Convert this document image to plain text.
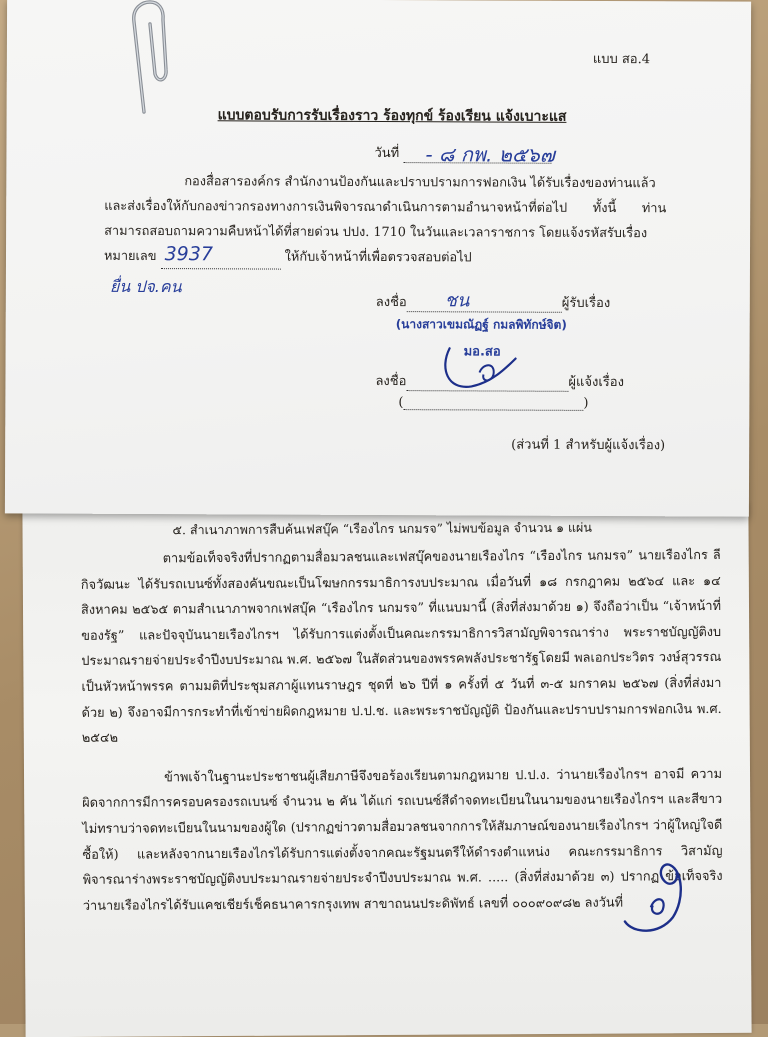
๕. สำเนาภาพการสืบค้นเฟสบุ๊ค “เรืองไกร นกมรจ” ไม่พบข้อมูล จำนวน ๑ แผ่น

ตามข้อเท็จจริงที่ปรากฏตามสื่อมวลชนและเฟสบุ๊คของนายเรืองไกร “เรืองไกร นกมรจ” นายเรืองไกร ลีกิจวัฒนะ ได้รับรถเบนซ์ทั้งสองคันขณะเป็นโฆษกกรรมาธิการงบประมาณ เมื่อวันที่ ๑๘ กรกฎาคม ๒๕๖๔ และ ๑๔ สิงหาคม ๒๕๖๕ ตามสำเนาภาพจากเฟสบุ๊ค “เรืองไกร นกมรจ” ที่แนบมานี้ (สิ่งที่ส่งมาด้วย ๑) จึงถือว่าเป็น “เจ้าหน้าที่ของรัฐ” และปัจจุบันนายเรืองไกรฯ ได้รับการแต่งตั้งเป็นคณะกรรมาธิการวิสามัญพิจารณาร่าง พระราชบัญญัติงบประมาณรายจ่ายประจำปีงบประมาณ พ.ศ. ๒๕๖๗ ในสัดส่วนของพรรคพลังประชารัฐโดยมี พลเอกประวิตร วงษ์สุวรรณ เป็นหัวหน้าพรรค ตามมติที่ประชุมสภาผู้แทนราษฎร ชุดที่ ๒๖ ปีที่ ๑ ครั้งที่ ๕ วันที่ ๓-๕ มกราคม ๒๕๖๗ (สิ่งที่ส่งมาด้วย ๒) จึงอาจมีการกระทำที่เข้าข่ายผิดกฎหมาย ป.ป.ช. และพระราชบัญญัติ ป้องกันและปราบปรามการฟอกเงิน พ.ศ. ๒๕๔๒

ข้าพเจ้าในฐานะประชาชนผู้เสียภาษีจึงขอร้องเรียนตามกฎหมาย ป.ป.ง. ว่านายเรืองไกรฯ อาจมี ความผิดจากการมีการครอบครองรถเบนซ์ จำนวน ๒ คัน ได้แก่ รถเบนซ์สีดำจดทะเบียนในนามของนายเรืองไกรฯ และสีขาวไม่ทราบว่าจดทะเบียนในนามของผู้ใด (ปรากฏข่าวตามสื่อมวลชนจากการให้สัมภาษณ์ของนายเรืองไกรฯ ว่าผู้ใหญ่ใจดีซื้อให้) และหลังจากนายเรืองไกรได้รับการแต่งตั้งจากคณะรัฐมนตรีให้ดำรงตำแหน่ง คณะกรรมาธิการ วิสามัญพิจารณาร่างพระราชบัญญัติงบประมาณรายจ่ายประจำปีงบประมาณ พ.ศ. ..... (สิ่งที่ส่งมาด้วย ๓) ปรากฏ ข้อเท็จจริงว่านายเรืองไกรได้รับแคชเชียร์เช็คธนาคารกรุงเทพ สาขาถนนประดิพัทธ์ เลขที่ ๐๐๐๙๐๙๘๒ ลงวันที่

แบบ สอ.4
แบบตอบรับการรับเรื่องราว ร้องทุกข์ ร้องเรียน แจ้งเบาะแส
วันที่ - ๘ กพ. ๒๕๖๗

กองสื่อสารองค์กร สำนักงานป้องกันและปราบปรามการฟอกเงิน ได้รับเรื่องของท่านแล้ว

และส่งเรื่องให้กับกองข่าวกรองทางการเงินพิจารณาดำเนินการตามอำนาจหน้าที่ต่อไป ทั้งนี้ ท่านสามารถสอบถามความคืบหน้าได้ที่สายด่วน ปปง. 1710 ในวันและเวลาราชการ โดยแจ้งรหัสรับเรื่อง

หมายเลข 3937	ให้กับเจ้าหน้าที่เพื่อตรวจสอบต่อไป
ยื่น ปจ.คน
ลงชื่อ ชน	ผู้รับเรื่อง
(นางสาวเขมณัฏฐ์ กมลพิทักษ์จิต)
มอ.สอ
ลงชื่อ	ผู้แจ้งเรื่อง
(	)
(ส่วนที่ 1 สำหรับผู้แจ้งเรื่อง)
